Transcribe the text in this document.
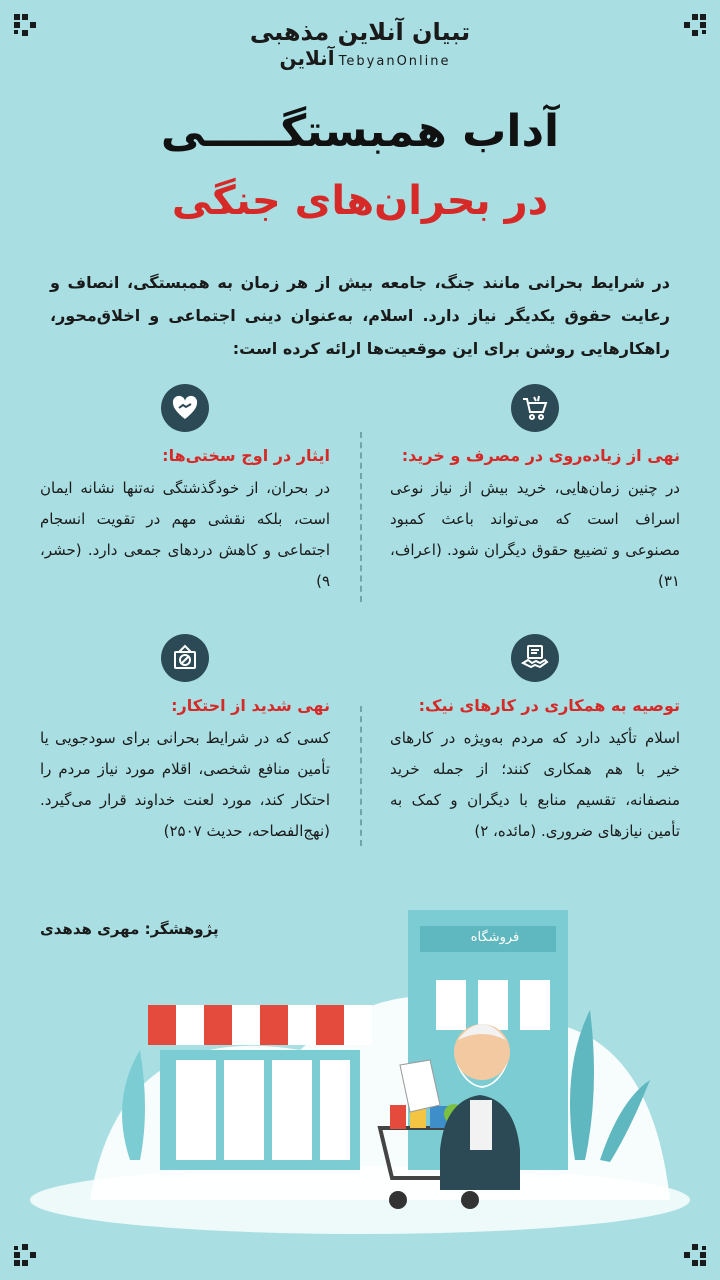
تبیان آنلاین مذهبی
آنلاین TebyanOnline
آداب همبستگـــــی
در بحران‌های جنگی
در شرایط بحرانی مانند جنگ، جامعه بیش از هر زمان به همبستگی، انصاف و رعایت حقوق یکدیگر نیاز دارد. اسلام، به‌عنوان دینی اجتماعی و اخلاق‌محور، راهکارهایی روشن برای این موقعیت‌ها ارائه کرده است:
نهی از زیاده‌روی در مصرف و خرید:
در چنین زمان‌هایی، خرید بیش از نیاز نوعی اسراف است که می‌تواند باعث کمبود مصنوعی و تضییع حقوق دیگران شود. (اعراف، ۳۱)
ایثار در اوج سختی‌ها:
در بحران، از خودگذشتگی نه‌تنها نشانه ایمان است، بلکه نقشی مهم در تقویت انسجام اجتماعی و کاهش دردهای جمعی دارد. (حشر، ۹)
توصیه به همکاری در کارهای نیک:
اسلام تأکید دارد که مردم به‌ویژه در کارهای خیر با هم همکاری کنند؛ از جمله خرید منصفانه، تقسیم منابع با دیگران و کمک به تأمین نیازهای ضروری. (مائده، ۲)
نهی شدید از احتکار:
کسی که در شرایط بحرانی برای سودجویی یا تأمین منافع شخصی، اقلام مورد نیاز مردم را احتکار کند، مورد لعنت خداوند قرار می‌گیرد. (نهج‌الفصاحه، حدیث ۲۵۰۷)
پژوهشگر: مهری هدهدی	فروشگاه
